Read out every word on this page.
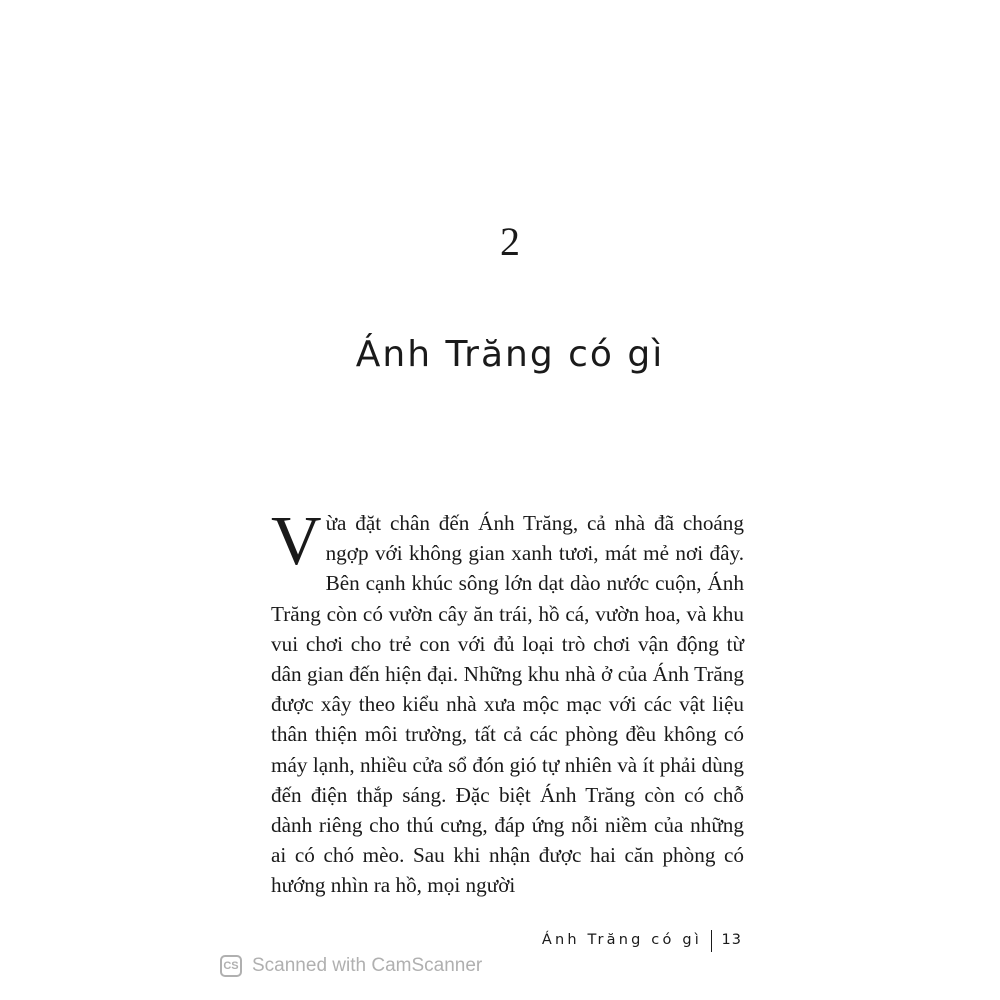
2
Ánh Trăng có gì
Vừa đặt chân đến Ánh Trăng, cả nhà đã choáng ngợp với không gian xanh tươi, mát mẻ nơi đây. Bên cạnh khúc sông lớn dạt dào nước cuộn, Ánh Trăng còn có vườn cây ăn trái, hồ cá, vườn hoa, và khu vui chơi cho trẻ con với đủ loại trò chơi vận động từ dân gian đến hiện đại. Những khu nhà ở của Ánh Trăng được xây theo kiểu nhà xưa mộc mạc với các vật liệu thân thiện môi trường, tất cả các phòng đều không có máy lạnh, nhiều cửa sổ đón gió tự nhiên và ít phải dùng đến điện thắp sáng. Đặc biệt Ánh Trăng còn có chỗ dành riêng cho thú cưng, đáp ứng nỗi niềm của những ai có chó mèo. Sau khi nhận được hai căn phòng có hướng nhìn ra hồ, mọi người
Ánh Trăng có gì 13
CS Scanned with CamScanner
